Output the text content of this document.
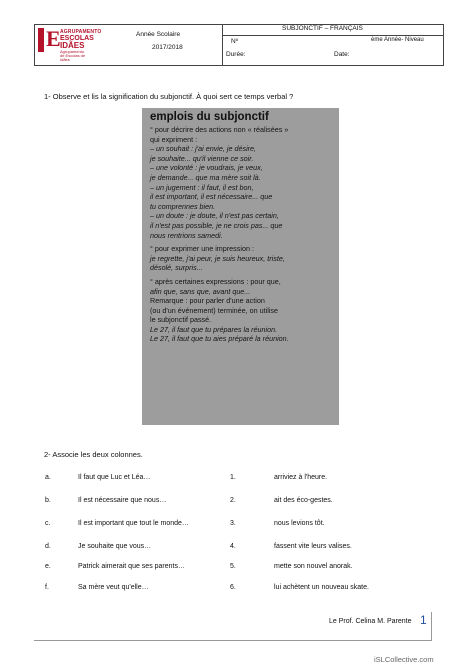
E AGRUPAMENTO
ESCOLAS
IDÃES
Agrupamento de Escolas de Idães
Année Scolaire
2017/2018
SUBJONCTIF – FRANÇAIS
Nº	ème Année- Niveau
Durée:	Date:
1- Observe et lis la signification du subjonctif. À quoi sert ce temps verbal ?
emplois du subjonctif
° pour décrire des actions non « réalisées »
qui expriment :
– un souhait : j'ai envie, je désire,
je souhaite... qu'il vienne ce soir.
– une volonté : je voudrais, je veux,
je demande... que ma mère soit là.
– un jugement : il faut, il est bon,
il est important, il est nécessaire... que
tu comprennes bien.
– un doute : je doute, il n'est pas certain,
il n'est pas possible, je ne crois pas... que
nous rentrions samedi.
° pour exprimer une impression :
je regrette, j'ai peur, je suis heureux, triste,
désolé, surpris...
° après certaines expressions : pour que,
afin que, sans que, avant que...
Remarque : pour parler d'une action
(ou d'un événement) terminée, on utilise
le subjonctif passé.
Le 27, il faut que tu prépares la réunion.
Le 27, il faut que tu aies préparé la réunion.
2- Associe les deux colonnes.
a.	Il faut que Luc et Léa…	1.	arriviez à l'heure.
b.	Il est nécessaire que nous…	2.	ait des éco-gestes.
c.	Il est important que tout le monde…	3.	nous levions tôt.
d.	Je souhaite que vous…	4.	fassent vite leurs valises.
e.	Patrick aimerait que ses parents…	5.	mette son nouvel anorak.
f.	Sa mère veut qu'elle…	6.	lui achètent un nouveau skate.
Le Prof. Celina M. Parente 1
iSLCollective.com
